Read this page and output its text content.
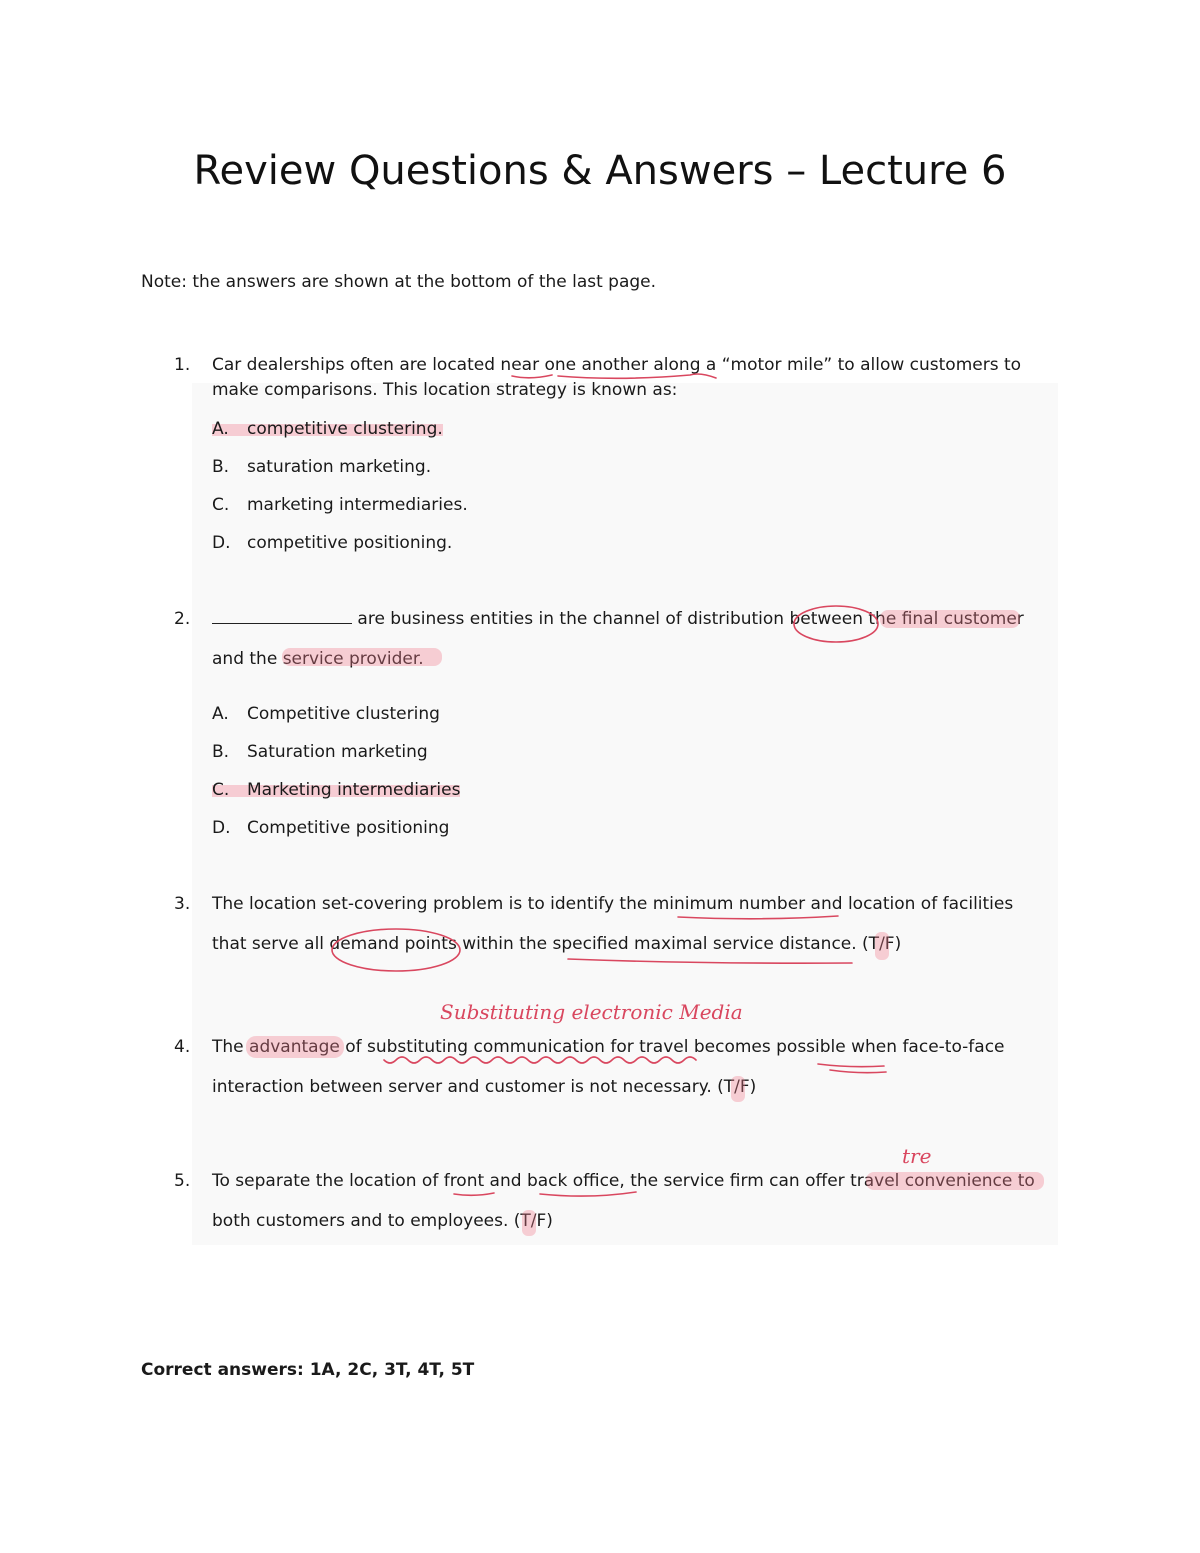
Review Questions & Answers – Lecture 6
Note: the answers are shown at the bottom of the last page.
1. Car dealerships often are located near one another along a “motor mile” to allow customers to
make comparisons. This location strategy is known as:
A. competitive clustering.
B. saturation marketing.
C. marketing intermediaries.
D. competitive positioning.
2.	are business entities in the channel of distribution between the final customer
and the service provider.
A. Competitive clustering
B. Saturation marketing
C. Marketing intermediaries
D. Competitive positioning
3. The location set-covering problem is to identify the minimum number and location of facilities
that serve all demand points within the specified maximal service distance. (T/F)
Substituting electronic Media
4. The advantage of substituting communication for travel becomes possible when face-to-face
interaction between server and customer is not necessary. (T/F)
tre
5. To separate the location of front and back office, the service firm can offer travel convenience to
both customers and to employees. (T/F)
Correct answers: 1A, 2C, 3T, 4T, 5T
